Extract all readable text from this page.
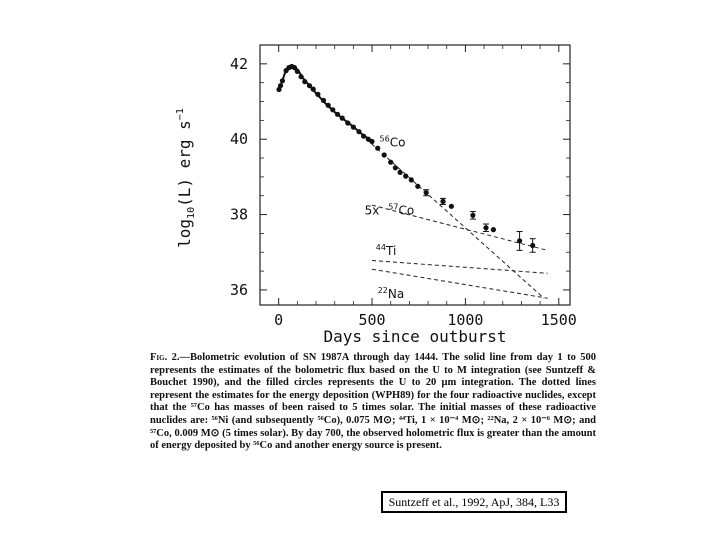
0	500	1000	1500
36
38
40
42
$^{56}$Co
5x $^{57}$Co
$^{44}$Ti
$^{22}$Na
Days since outburst
$\log_{10}(L)$ erg $s^{-1}$
Fig. 2.—Bolometric evolution of SN 1987A through day 1444. The solid line from day 1 to 500 represents the estimates of the bolometric flux based on the U to M integration (see Suntzeff & Bouchet 1990), and the filled circles represents the U to 20 μm integration. The dotted lines represent the estimates for the energy deposition (WPH89) for the four radioactive nuclides, except that the ⁵⁷Co has masses of been raised to 5 times solar. The initial masses of these radioactive nuclides are: ⁵⁶Ni (and subsequently ⁵⁶Co), 0.075 M⊙; ⁴⁴Ti, 1 × 10⁻⁴ M⊙; ²²Na, 2 × 10⁻⁶ M⊙; and ⁵⁷Co, 0.009 M⊙ (5 times solar). By day 700, the observed holometric flux is greater than the amount of energy deposited by ⁵⁶Co and another energy source is present.
Suntzeff et al., 1992, ApJ, 384, L33
